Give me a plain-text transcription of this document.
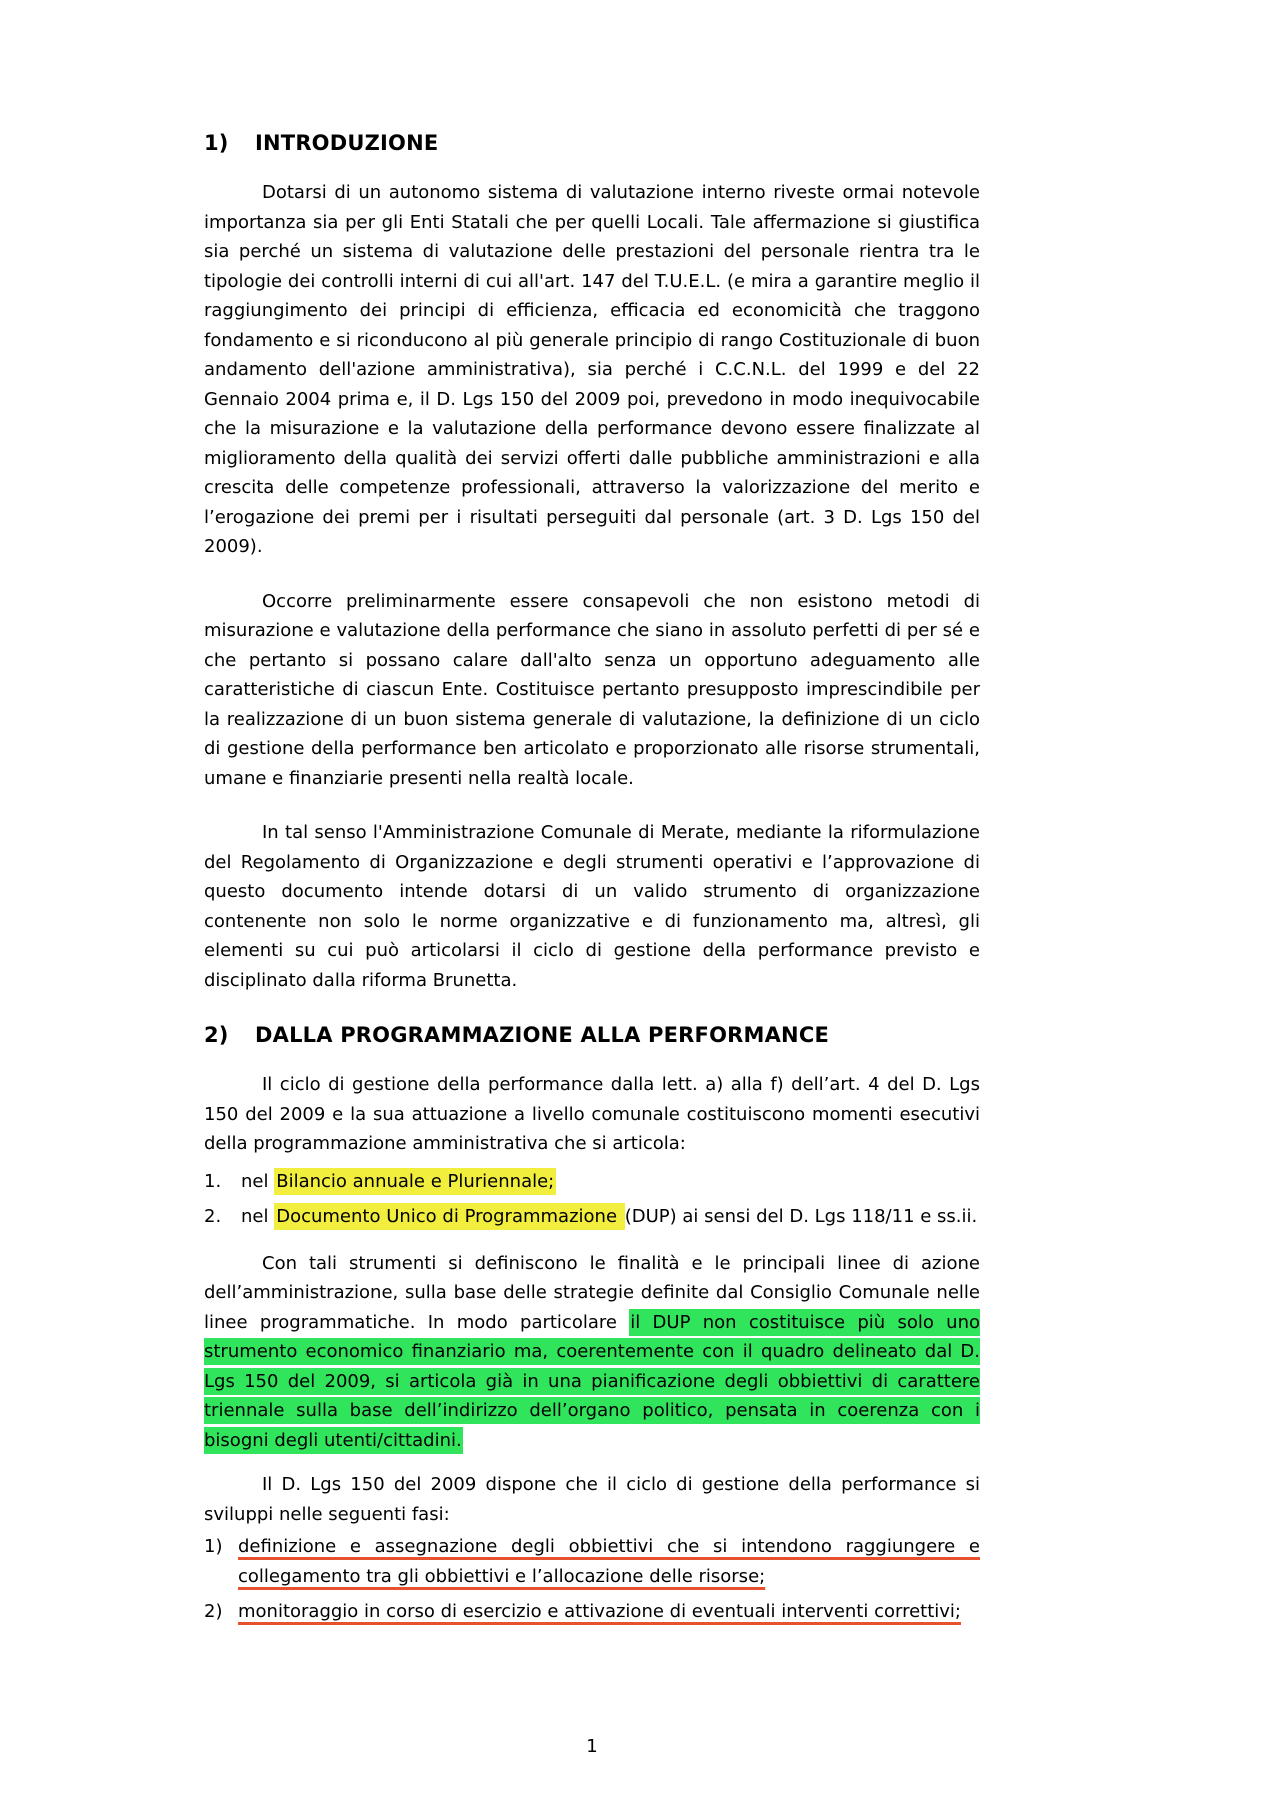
1)	INTRODUZIONE

Dotarsi di un autonomo sistema di valutazione interno riveste ormai notevole importanza sia per gli Enti Statali che per quelli Locali. Tale affermazione si giustifica sia perché un sistema di valutazione delle prestazioni del personale rientra tra le tipologie dei controlli interni di cui all'art. 147 del T.U.E.L. (e mira a garantire meglio il raggiungimento dei principi di efficienza, efficacia ed economicità che traggono fondamento e si riconducono al più generale principio di rango Costituzionale di buon andamento dell'azione amministrativa), sia perché i C.C.N.L. del 1999 e del 22 Gennaio 2004 prima e, il D. Lgs 150 del 2009 poi, prevedono in modo inequivocabile che la misurazione e la valutazione della performance devono essere finalizzate al miglioramento della qualità dei servizi offerti dalle pubbliche amministrazioni e alla crescita delle competenze professionali, attraverso la valorizzazione del merito e l’erogazione dei premi per i risultati perseguiti dal personale (art. 3 D. Lgs 150 del 2009).

Occorre preliminarmente essere consapevoli che non esistono metodi di misurazione e valutazione della performance che siano in assoluto perfetti di per sé e che pertanto si possano calare dall'alto senza un opportuno adeguamento alle caratteristiche di ciascun Ente. Costituisce pertanto presupposto imprescindibile per la realizzazione di un buon sistema generale di valutazione, la definizione di un ciclo di gestione della performance ben articolato e proporzionato alle risorse strumentali, umane e finanziarie presenti nella realtà locale.

In tal senso l'Amministrazione Comunale di Merate, mediante la riformulazione del Regolamento di Organizzazione e degli strumenti operativi e l’approvazione di questo documento intende dotarsi di un valido strumento di organizzazione contenente non solo le norme organizzative e di funzionamento ma, altresì, gli elementi su cui può articolarsi il ciclo di gestione della performance previsto e disciplinato dalla riforma Brunetta.

2)	DALLA PROGRAMMAZIONE ALLA PERFORMANCE

Il ciclo di gestione della performance dalla lett. a) alla f) dell’art. 4 del D. Lgs 150 del 2009 e la sua attuazione a livello comunale costituiscono momenti esecutivi della programmazione amministrativa che si articola:

1. nel Bilancio annuale e Pluriennale;
2. nel Documento Unico di Programmazione (DUP) ai sensi del D. Lgs 118/11 e ss.ii.

Con tali strumenti si definiscono le finalità e le principali linee di azione dell’amministrazione, sulla base delle strategie definite dal Consiglio Comunale nelle linee programmatiche. In modo particolare il DUP non costituisce più solo uno strumento economico finanziario ma, coerentemente con il quadro delineato dal D. Lgs 150 del 2009, si articola già in una pianificazione degli obbiettivi di carattere triennale sulla base dell’indirizzo dell’organo politico, pensata in coerenza con i bisogni degli utenti/cittadini.

Il D. Lgs 150 del 2009 dispone che il ciclo di gestione della performance si sviluppi nelle seguenti fasi:

1) definizione e assegnazione degli obbiettivi che si intendono raggiungere e collegamento tra gli obbiettivi e l’allocazione delle risorse;
2) monitoraggio in corso di esercizio e attivazione di eventuali interventi correttivi;
1
